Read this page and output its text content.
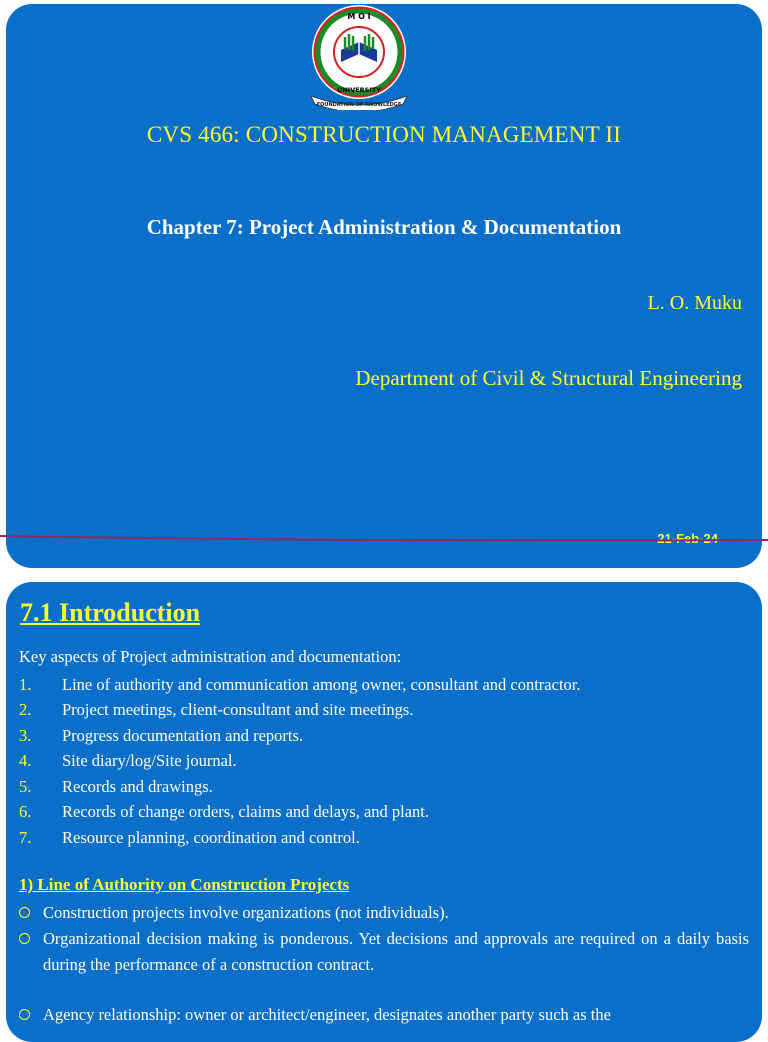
M O I
UNIVERSITY
FOUNDATION OF KNOWLEDGE
CVS 466: CONSTRUCTION MANAGEMENT II
Chapter 7: Project Administration & Documentation
L. O. Muku
Department of Civil & Structural Engineering
21-Feb-24
7.1 Introduction
Key aspects of Project administration and documentation:
1.	Line of authority and communication among owner, consultant and contractor.
2.	Project meetings, client-consultant and site meetings.
3.	Progress documentation and reports.
4.	Site diary/log/Site journal.
5.	Records and drawings.
6.	Records of change orders, claims and delays, and plant.
7.	Resource planning, coordination and control.
1) Line of Authority on Construction Projects
Construction projects involve organizations (not individuals).
Organizational decision making is ponderous. Yet decisions and approvals are required on a daily basis during the performance of a construction contract.
Agency relationship: owner or architect/engineer, designates another party such as the
